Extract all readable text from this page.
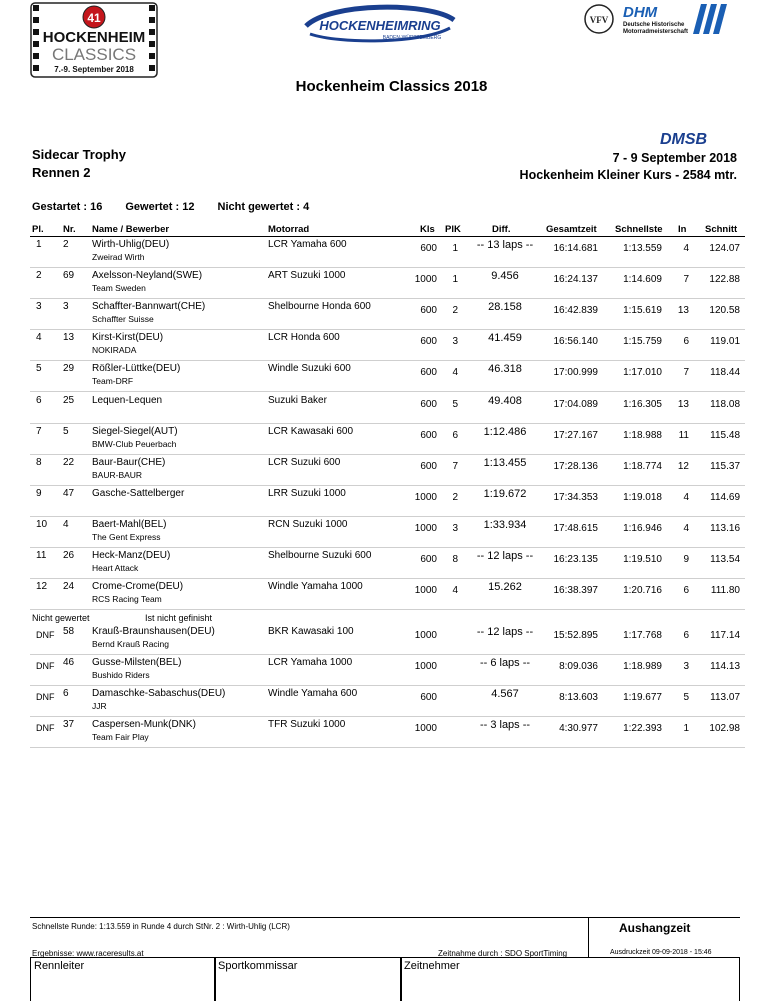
41
HOCKENHEIM
CLASSICS
7.-9. September 2018
HOCKENHEIMRING
BADEN-WÜRTTEMBERG
VFV DHM
Deutsche Historische
Motorradmeisterschaft
Hockenheim Classics 2018
DMSB
Sidecar Trophy
Rennen 2
7 - 9 September 2018
Hockenheim Kleiner Kurs - 2584 mtr.
Gestartet : 16 Gewertet : 12 Nicht gewertet : 4
Pl. Nr. Name / Bewerber	Motorrad	Kls PlK	Diff.	Gesamtzeit Schnellste In Schnitt
1 2 Wirth-Uhlig(DEU)	LCR Yamaha 600	600 1 -- 13 laps -- 16:14.681	1:13.559 4 124.07
Zweirad Wirth
2 69 Axelsson-Neyland(SWE)	ART Suzuki 1000	1000 1	9.456	16:24.137	1:14.609 7 122.88
Team Sweden
3 3 Schaffter-Bannwart(CHE)	Shelbourne Honda 600	600 2	28.158	16:42.839	1:15.619 13 120.58
Schaffter Suisse
4 13 Kirst-Kirst(DEU)	LCR Honda 600	600 3	41.459	16:56.140	1:15.759 6 119.01
NOKIRADA
5 29 Rößler-Lüttke(DEU)	Windle Suzuki 600	600 4	46.318	17:00.999	1:17.010 7 118.44
Team-DRF
6 25 Lequen-Lequen	Suzuki Baker	600 5	49.408	17:04.089	1:16.305 13 118.08
7 5 Siegel-Siegel(AUT)	LCR Kawasaki 600	600 6	1:12.486	17:27.167	1:18.988 11 115.48
BMW-Club Peuerbach
8 22 Baur-Baur(CHE)	LCR Suzuki 600	600 7	1:13.455	17:28.136	1:18.774 12 115.37
BAUR-BAUR
9 47 Gasche-Sattelberger	LRR Suzuki 1000	1000 2	1:19.672	17:34.353	1:19.018 4 114.69
10 4 Baert-Mahl(BEL)	RCN Suzuki 1000	1000 3	1:33.934	17:48.615	1:16.946 4 113.16
The Gent Express
11 26 Heck-Manz(DEU)	Shelbourne Suzuki 600	600 8 -- 12 laps -- 16:23.135	1:19.510 9 113.54
Heart Attack
12 24 Crome-Crome(DEU)	Windle Yamaha 1000	1000 4	15.262	16:38.397	1:20.716 6 111.80
RCS Racing Team
Nicht gewertet	Ist nicht gefinisht
DNF 58 Krauß-Braunshausen(DEU)	BKR Kawasaki 100	1000	-- 12 laps -- 15:52.895	1:17.768 6 117.14
Bernd Krauß Racing
DNF 46 Gusse-Milsten(BEL)	LCR Yamaha 1000	1000	-- 6 laps --	8:09.036	1:18.989 3 114.13
Bushido Riders
DNF 6 Damaschke-Sabaschus(DEU)	Windle Yamaha 600	600	4.567	8:13.603	1:19.677 5 113.07
JJR
DNF 37 Caspersen-Munk(DNK)	TFR Suzuki 1000	1000	-- 3 laps --	4:30.977	1:22.393 1 102.98
Team Fair Play
Schnellste Runde: 1:13.559 in Runde 4 durch StNr. 2 : Wirth-Uhlig (LCR)
Ergebnisse: www.raceresults.at	Zeitnahme durch : SDO SportTiming
Aushangzeit
Ausdruckzeit 09-09-2018 - 15:46
Rennleiter	Sportkommissar	Zeitnehmer
